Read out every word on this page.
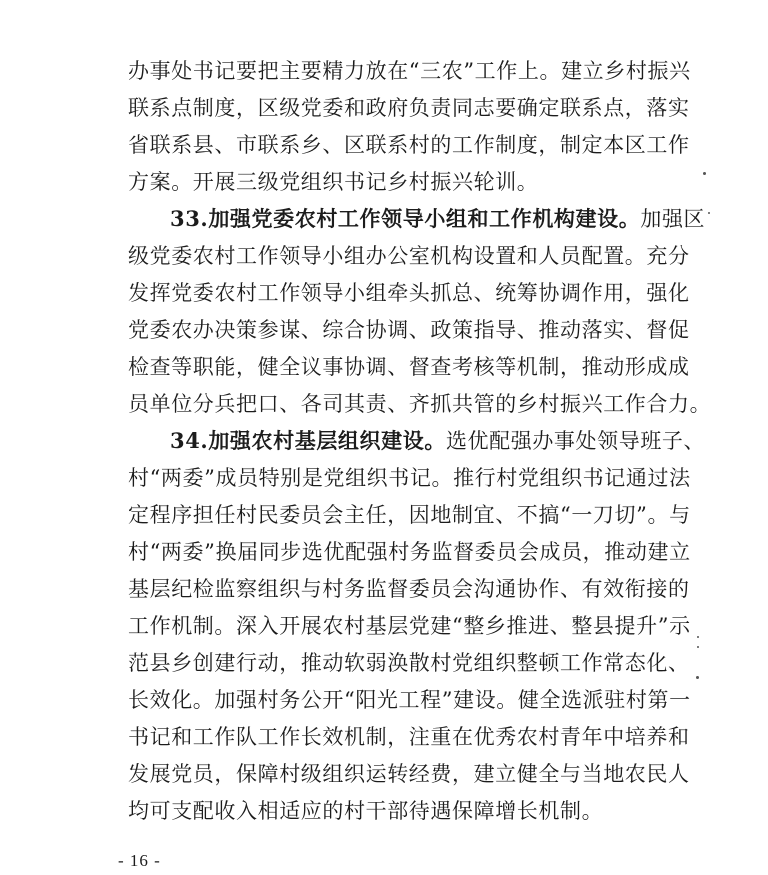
办事处书记要把主要精力放在“三农”工作上。建立乡村振兴
联系点制度，区级党委和政府负责同志要确定联系点，落实
省联系县、市联系乡、区联系村的工作制度，制定本区工作
方案。开展三级党组织书记乡村振兴轮训。
33.加强党委农村工作领导小组和工作机构建设。加强区
级党委农村工作领导小组办公室机构设置和人员配置。充分
发挥党委农村工作领导小组牵头抓总、统筹协调作用，强化
党委农办决策参谋、综合协调、政策指导、推动落实、督促
检查等职能，健全议事协调、督查考核等机制，推动形成成
员单位分兵把口、各司其责、齐抓共管的乡村振兴工作合力。
34.加强农村基层组织建设。选优配强办事处领导班子、
村“两委”成员特别是党组织书记。推行村党组织书记通过法
定程序担任村民委员会主任，因地制宜、不搞“一刀切”。与
村“两委”换届同步选优配强村务监督委员会成员，推动建立
基层纪检监察组织与村务监督委员会沟通协作、有效衔接的
工作机制。深入开展农村基层党建“整乡推进、整县提升”示
范县乡创建行动，推动软弱涣散村党组织整顿工作常态化、
长效化。加强村务公开“阳光工程”建设。健全选派驻村第一
书记和工作队工作长效机制，注重在优秀农村青年中培养和
发展党员，保障村级组织运转经费，建立健全与当地农民人
均可支配收入相适应的村干部待遇保障增长机制。
- 16 -
